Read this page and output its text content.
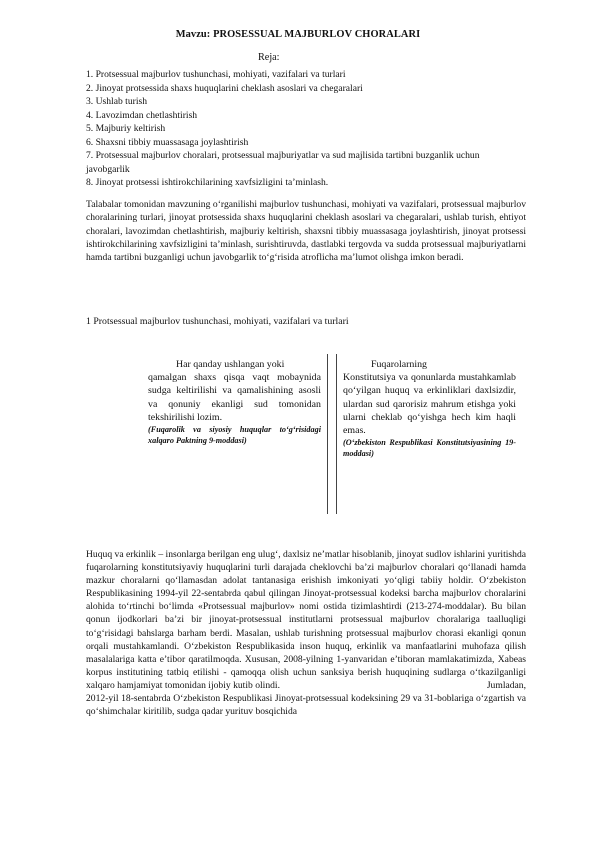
Mavzu: PROSESSUAL MAJBURLOV CHORALARI
Reja:
1. Protsessual majburlov tushunchasi, mohiyati, vazifalari va turlari
2. Jinoyat protsessida shaxs huquqlarini cheklash asoslari va chegaralari
3. Ushlab turish
4. Lavozimdan chetlashtirish
5. Majburiy keltirish
6. Shaxsni tibbiy muassasaga joylashtirish
7. Protsessual majburlov choralari, protsessual majburiyatlar va sud majlisida tartibni buzganlik uchun javobgarlik
8. Jinoyat protsessi ishtirokchilarining xavfsizligini ta’minlash.
Talabalar tomonidan mavzuning o‘rganilishi majburlov tushunchasi, mohiyati va vazifalari, protsessual majburlov choralarining turlari, jinoyat protsessida shaxs huquqlarini cheklash asoslari va chegaralari, ushlab turish, ehtiyot choralari, lavozimdan chetlashtirish, majburiy keltirish, shaxsni tibbiy muassasaga joylashtirish, jinoyat protsessi ishtirokchilarining xavfsizligini ta’minlash, surishtiruvda, dastlabki tergovda va sudda protsessual majburiyatlarni hamda tartibni buzganligi uchun javobgarlik to‘g‘risida atroflicha ma’lumot olishga imkon beradi.
1 Protsessual majburlov tushunchasi, mohiyati, vazifalari va turlari
Har qanday ushlangan yoki
qamalgan shaxs qisqa vaqt mobaynida sudga keltirilishi va qamalishining asosli va qonuniy ekanligi sud tomonidan tekshirilishi lozim.
(Fuqarolik va siyosiy huquqlar to‘g‘risidagi xalqaro Paktning 9-moddasi)
Fuqarolarning
Konstitutsiya va qonunlarda mustahkamlab qo‘yilgan huquq va erkinliklari daxlsizdir, ulardan sud qarorisiz mahrum etishga yoki ularni cheklab qo‘yishga hech kim haqli emas.
(O‘zbekiston Respublikasi Konstitutsiyasining 19-moddasi)
Huquq va erkinlik – insonlarga berilgan eng ulug‘, daxlsiz ne’matlar hisoblanib, jinoyat sudlov ishlarini yuritishda fuqarolarning konstitutsiyaviy huquqlarini turli darajada cheklovchi ba’zi majburlov choralari qo‘llanadi hamda mazkur choralarni qo‘llamasdan adolat tantanasiga erishish imkoniyati yo‘qligi tabiiy holdir. O‘zbekiston Respublikasining 1994-yil 22-sentabrda qabul qilingan Jinoyat-protsessual kodeksi barcha majburlov choralarini alohida to‘rtinchi bo‘limda «Protsessual majburlov» nomi ostida tizimlashtirdi (213-274-moddalar). Bu bilan qonun ijodkorlari ba’zi bir jinoyat-protsessual institutlarni protsessual majburlov choralariga taalluqligi to‘g‘risidagi bahslarga barham berdi. Masalan, ushlab turishning protsessual majburlov chorasi ekanligi qonun orqali mustahkamlandi. O‘zbekiston Respublikasida inson huquq, erkinlik va manfaatlarini muhofaza qilish masalalariga katta e’tibor qaratilmoqda. Xususan, 2008-yilning 1-yanvaridan e’tiboran mamlakatimizda, Xabeas korpus institutining tatbiq etilishi - qamoqqa olish uchun sanksiya berish huquqining sudlarga o‘tkazilganligi xalqaro hamjamiyat tomonidan ijobiy kutib olindi.	Jumladan,
2012-yil 18-sentabrda O‘zbekiston Respublikasi Jinoyat-protsessual kodeksining 29 va 31-boblariga o‘zgartish va qo‘shimchalar kiritilib, sudga qadar yurituv bosqichida
